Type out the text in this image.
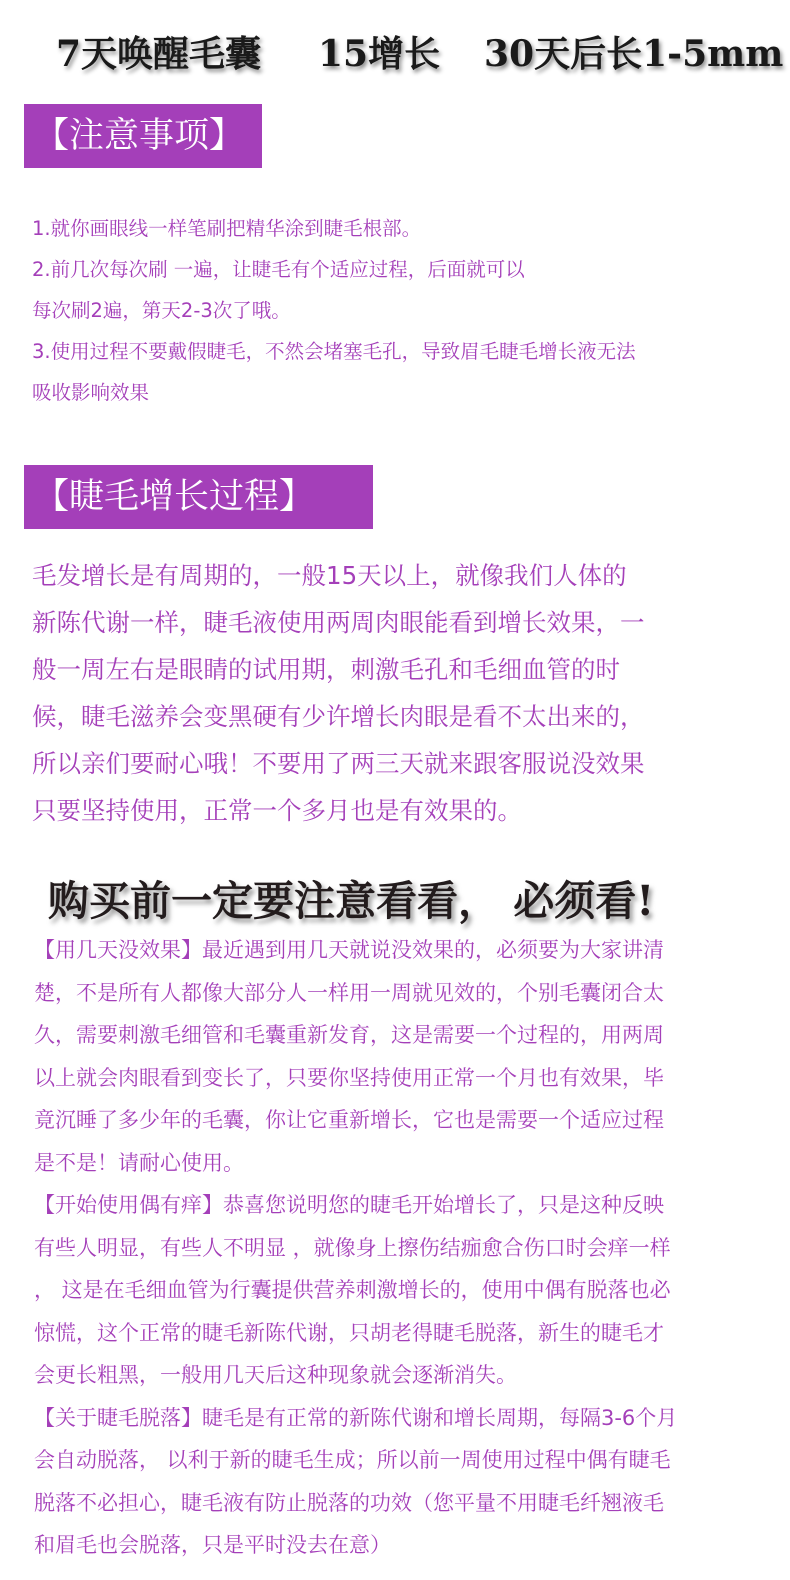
7天唤醒毛囊 15增长 30天后长1-5mm
【注意事项】

1.就你画眼线一样笔刷把精华涂到睫毛根部。

2.前几次每次刷 一遍，让睫毛有个适应过程，后面就可以

每次刷2遍，第天2-3次了哦。

3.使用过程不要戴假睫毛，不然会堵塞毛孔，导致眉毛睫毛增长液无法

吸收影响效果

【睫毛增长过程】

毛发增长是有周期的，一般15天以上，就像我们人体的

新陈代谢一样，睫毛液使用两周肉眼能看到增长效果，一

般一周左右是眼睛的试用期，刺激毛孔和毛细血管的时

候，睫毛滋养会变黑硬有少许增长肉眼是看不太出来的，

所以亲们要耐心哦！不要用了两三天就来跟客服说没效果

只要坚持使用，正常一个多月也是有效果的。

购买前一定要注意看看， 必须看!

【用几天没效果】最近遇到用几天就说没效果的，必须要为大家讲清

楚，不是所有人都像大部分人一样用一周就见效的，个别毛囊闭合太

久，需要刺激毛细管和毛囊重新发育，这是需要一个过程的，用两周

以上就会肉眼看到变长了，只要你坚持使用正常一个月也有效果，毕

竟沉睡了多少年的毛囊，你让它重新增长，它也是需要一个适应过程

是不是！请耐心使用。

【开始使用偶有痒】恭喜您说明您的睫毛开始增长了，只是这种反映

有些人明显，有些人不明显 ，就像身上擦伤结痂愈合伤口时会痒一样

， 这是在毛细血管为行囊提供营养刺激增长的，使用中偶有脱落也必

惊慌，这个正常的睫毛新陈代谢，只胡老得睫毛脱落，新生的睫毛才

会更长粗黑，一般用几天后这种现象就会逐渐消失。

【关于睫毛脱落】睫毛是有正常的新陈代谢和增长周期，每隔3-6个月

会自动脱落， 以利于新的睫毛生成；所以前一周使用过程中偶有睫毛

脱落不必担心，睫毛液有防止脱落的功效（您平量不用睫毛纤翘液毛

和眉毛也会脱落，只是平时没去在意）
